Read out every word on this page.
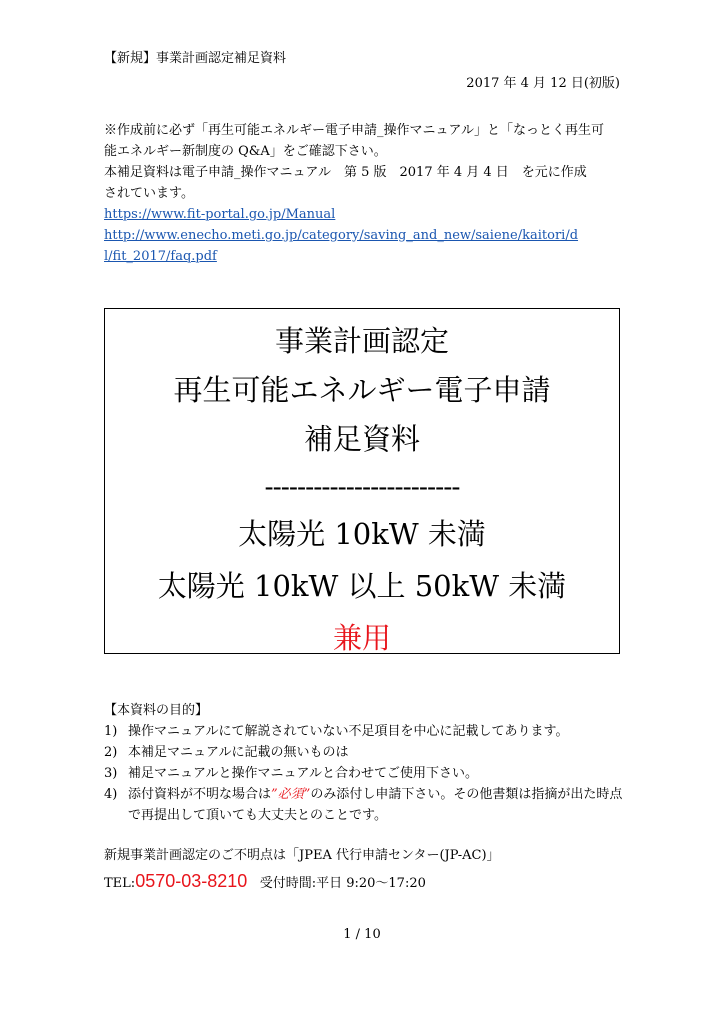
【新規】事業計画認定補足資料
2017 年 4 月 12 日(初版)

※作成前に必ず「再生可能エネルギー電子申請_操作マニュアル」と「なっとく再生可

能エネルギー新制度の Q&A」をご確認下さい。

本補足資料は電子申請_操作マニュアル　第 5 版　2017 年 4 月 4 日　を元に作成

されています。

https://www.fit-portal.go.jp/Manual

http://www.enecho.meti.go.jp/category/saving_and_new/saiene/kaitori/d
l/fit_2017/faq.pdf

事業計画認定
再生可能エネルギー電子申請
補足資料
------------------------
太陽光 10kW 未満
太陽光 10kW 以上 50kW 未満
兼用
【本資料の目的】
1) 操作マニュアルにて解説されていない不足項目を中心に記載してあります。
2) 本補足マニュアルに記載の無いものは
3) 補足マニュアルと操作マニュアルと合わせてご使用下さい。
4) 添付資料が不明な場合は”必須”のみ添付し申請下さい。その他書類は指摘が出た時点で再提出して頂いても大丈夫とのことです。
新規事業計画認定のご不明点は「JPEA 代行申請センター(JP-AC)」
TEL:0570-03-8210 受付時間:平日 9:20～17:20
1 / 10
